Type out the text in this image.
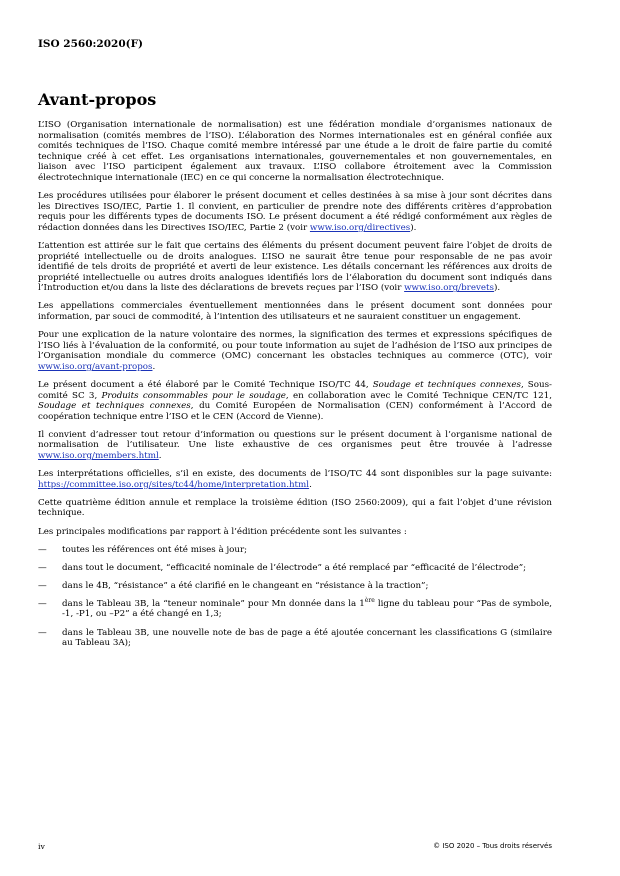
ISO 2560:2020(F)
Avant-propos

L’ISO (Organisation internationale de normalisation) est une fédération mondiale d’organismes nationaux de normalisation (comités membres de l’ISO). L’élaboration des Normes internationales est en général confiée aux comités techniques de l’ISO. Chaque comité membre intéressé par une étude a le droit de faire partie du comité technique créé à cet effet. Les organisations internationales, gouvernementales et non gouvernementales, en liaison avec l’ISO participent également aux travaux. L’ISO collabore étroitement avec la Commission électrotechnique internationale (IEC) en ce qui concerne la normalisation électrotechnique.

Les procédures utilisées pour élaborer le présent document et celles destinées à sa mise à jour sont décrites dans les Directives ISO/IEC, Partie 1. Il convient, en particulier de prendre note des différents critères d’approbation requis pour les différents types de documents ISO. Le présent document a été rédigé conformément aux règles de rédaction données dans les Directives ISO/IEC, Partie 2 (voir www.iso.org/directives).

L’attention est attirée sur le fait que certains des éléments du présent document peuvent faire l’objet de droits de propriété intellectuelle ou de droits analogues. L’ISO ne saurait être tenue pour responsable de ne pas avoir identifié de tels droits de propriété et averti de leur existence. Les détails concernant les références aux droits de propriété intellectuelle ou autres droits analogues identifiés lors de l’élaboration du document sont indiqués dans l’Introduction et/ou dans la liste des déclarations de brevets reçues par l’ISO (voir www.iso.org/brevets).

Les appellations commerciales éventuellement mentionnées dans le présent document sont données pour information, par souci de commodité, à l’intention des utilisateurs et ne sauraient constituer un engagement.

Pour une explication de la nature volontaire des normes, la signification des termes et expressions spécifiques de l’ISO liés à l’évaluation de la conformité, ou pour toute information au sujet de l’adhésion de l’ISO aux principes de l’Organisation mondiale du commerce (OMC) concernant les obstacles techniques au commerce (OTC), voir www.iso.org/avant-propos.

Le présent document a été élaboré par le Comité Technique ISO/TC 44, Soudage et techniques connexes, Sous-comité SC 3, Produits consommables pour le soudage, en collaboration avec le Comité Technique CEN/TC 121, Soudage et techniques connexes, du Comité Européen de Normalisation (CEN) conformément à l’Accord de coopération technique entre l’ISO et le CEN (Accord de Vienne).

Il convient d’adresser tout retour d’information ou questions sur le présent document à l’organisme national de normalisation de l’utilisateur. Une liste exhaustive de ces organismes peut être trouvée à l’adresse www.iso.org/members.html.

Les interprétations officielles, s’il en existe, des documents de l’ISO/TC 44 sont disponibles sur la page suivante: https://committee.iso.org/sites/tc44/home/interpretation.html.

Cette quatrième édition annule et remplace la troisième édition (ISO 2560:2009), qui a fait l’objet d’une révision technique.

Les principales modifications par rapport à l’édition précédente sont les suivantes :

—	toutes les références ont été mises à jour;
—	dans tout le document, “efficacité nominale de l’électrode” a été remplacé par “efficacité de l’électrode”;
—	dans le 4B, “résistance” a été clarifié en le changeant en “résistance à la traction”;
—	dans le Tableau 3B, la “teneur nominale” pour Mn donnée dans la 1ère ligne du tableau pour “Pas de symbole, -1, -P1, ou –P2” a été changé en 1,3;
—	dans le Tableau 3B, une nouvelle note de bas de page a été ajoutée concernant les classifications G (similaire au Tableau 3A);
iv	© ISO 2020 – Tous droits réservés
